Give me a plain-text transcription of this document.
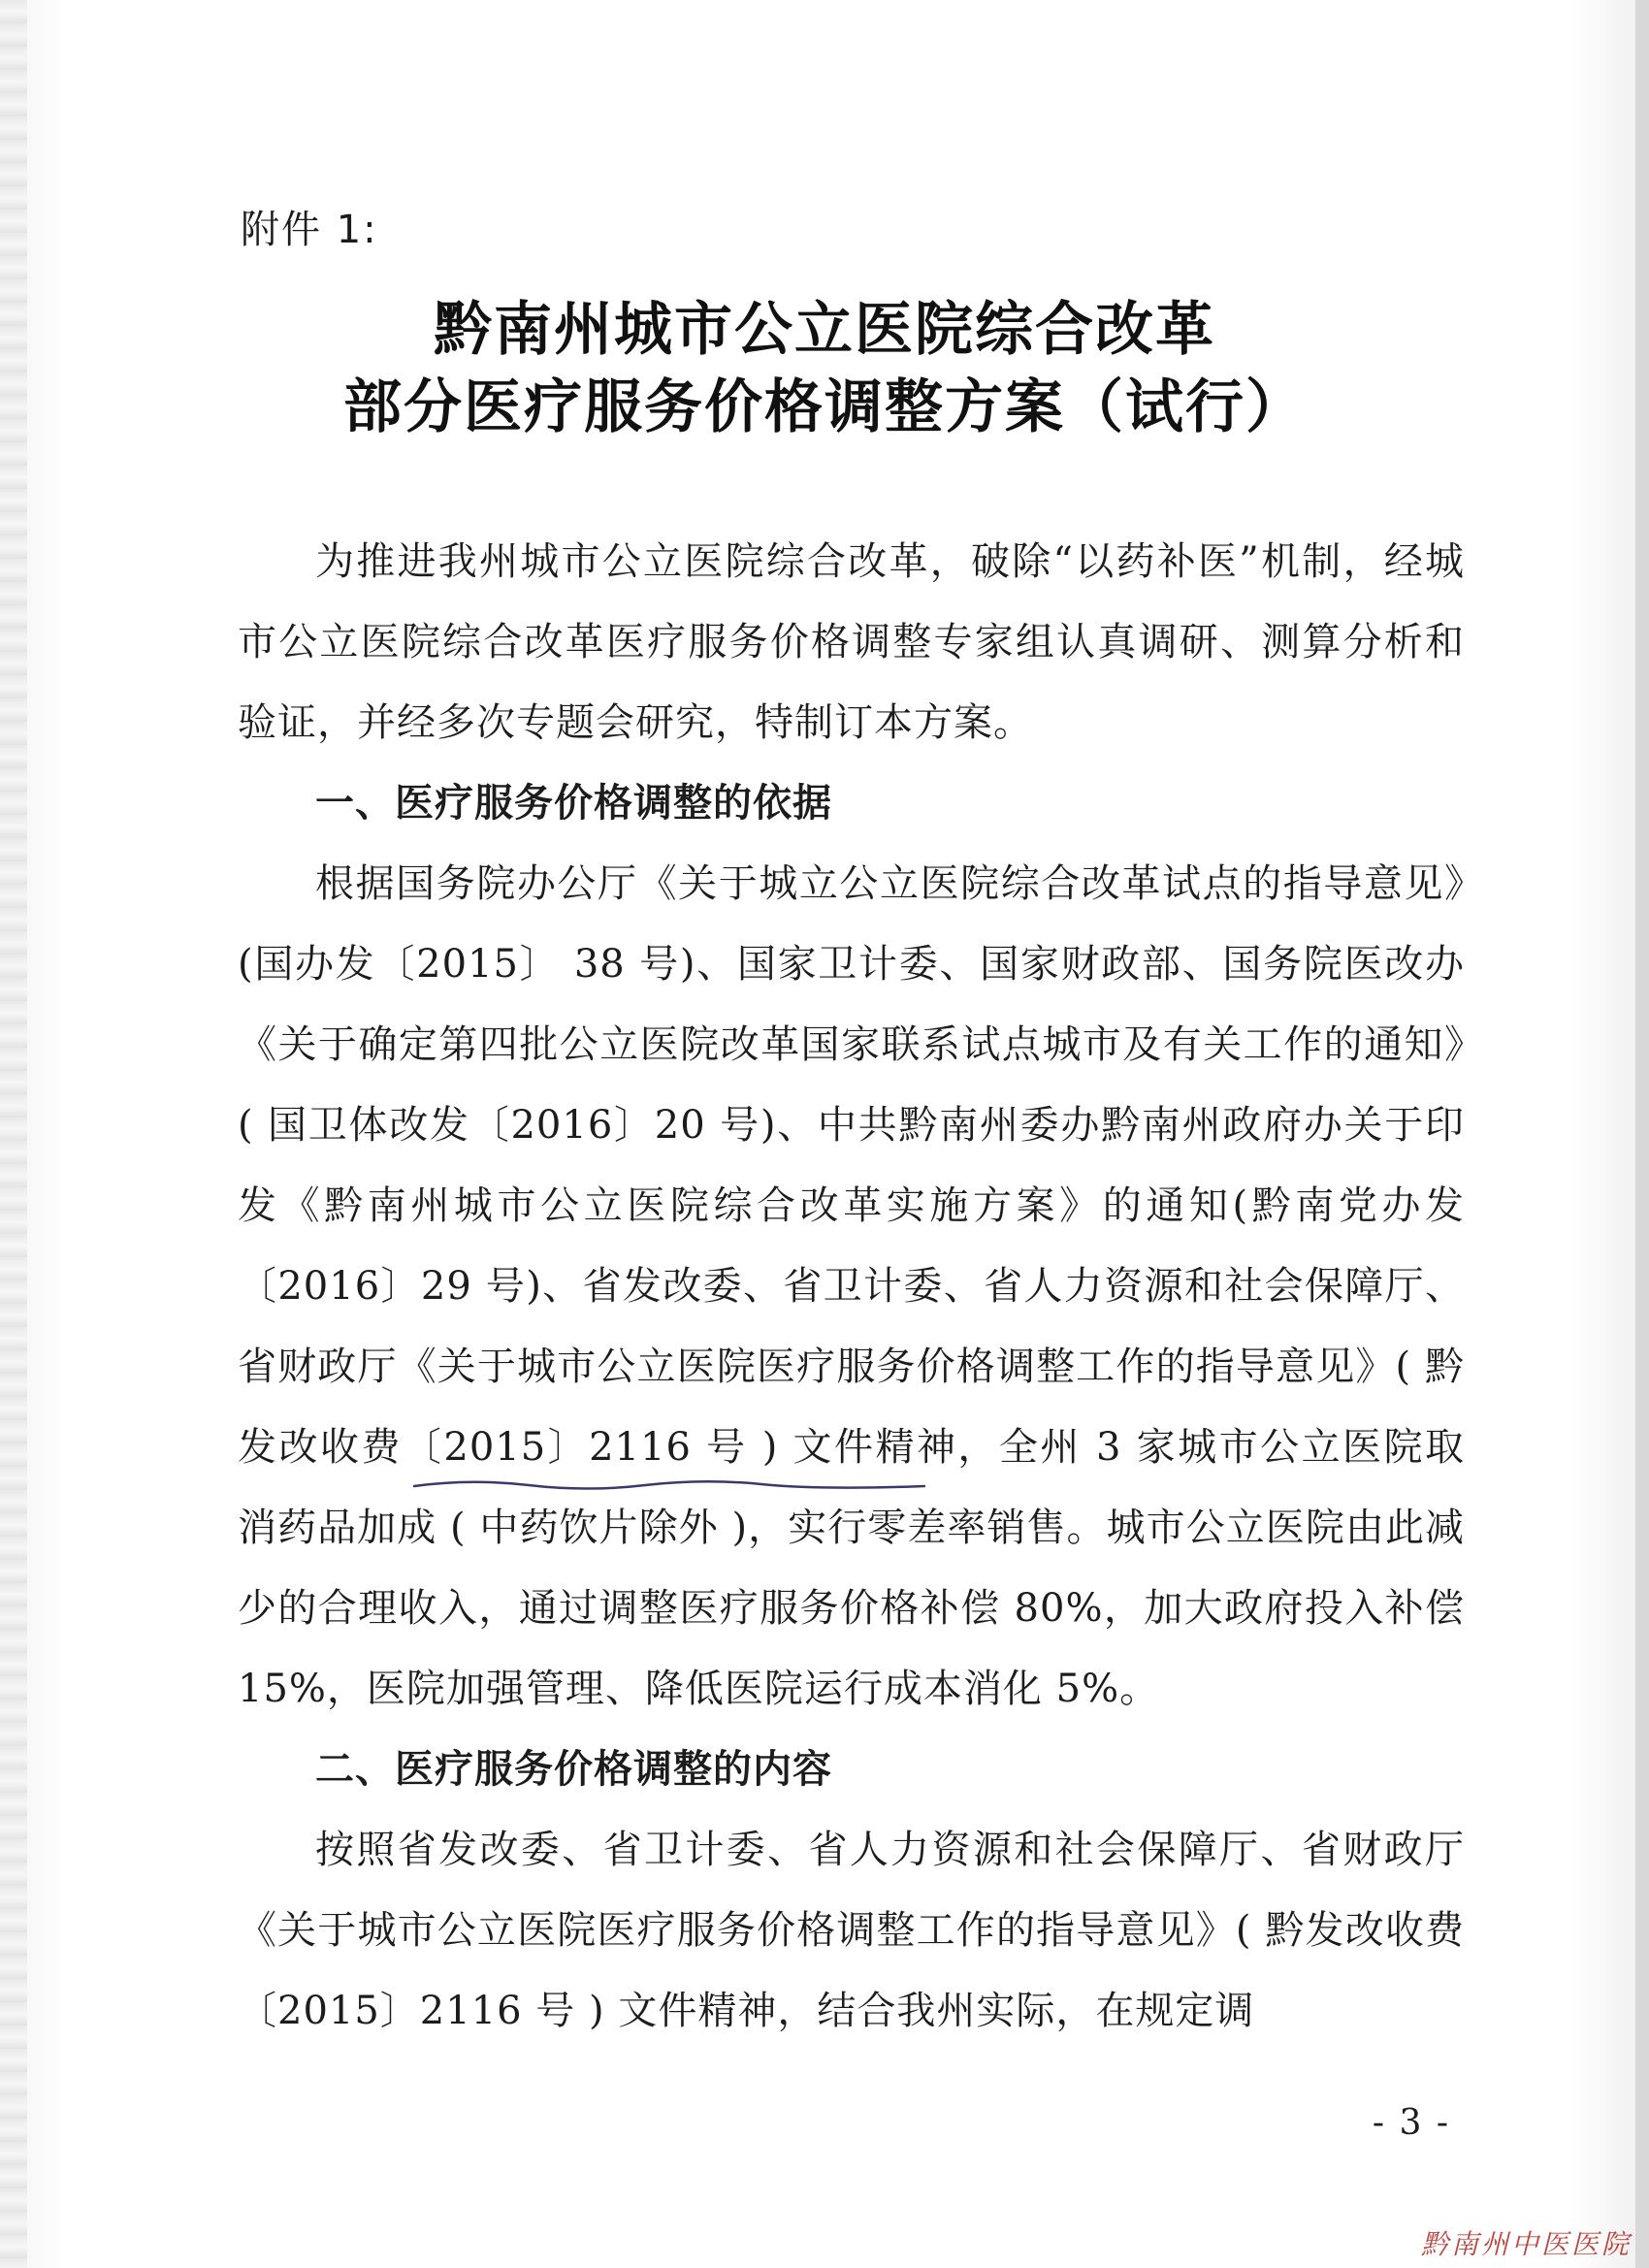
附件 1:
黔南州城市公立医院综合改革
部分医疗服务价格调整方案（试行）

为推进我州城市公立医院综合改革，破除“以药补医”机制，经城市公立医院综合改革医疗服务价格调整专家组认真调研、测算分析和验证，并经多次专题会研究，特制订本方案。

一、医疗服务价格调整的依据

根据国务院办公厅《关于城立公立医院综合改革试点的指导意见》(国办发〔2015〕 38 号)、国家卫计委、国家财政部、国务院医改办《关于确定第四批公立医院改革国家联系试点城市及有关工作的通知》( 国卫体改发〔2016〕20 号)、中共黔南州委办黔南州政府办关于印发《黔南州城市公立医院综合改革实施方案》的通知(黔南党办发〔2016〕29 号)、省发改委、省卫计委、省人力资源和社会保障厅、省财政厅《关于城市公立医院医疗服务价格调整工作的指导意见》( 黔发改收费〔2015〕2116 号 ) 文件精神，全州 3 家城市公立医院取消药品加成 ( 中药饮片除外 )，实行零差率销售。城市公立医院由此减少的合理收入，通过调整医疗服务价格补偿 80%，加大政府投入补偿 15%，医院加强管理、降低医院运行成本消化 5%。

二、医疗服务价格调整的内容

按照省发改委、省卫计委、省人力资源和社会保障厅、省财政厅《关于城市公立医院医疗服务价格调整工作的指导意见》( 黔发改收费〔2015〕2116 号 ) 文件精神，结合我州实际，在规定调

- 3 -
黔南州中医医院
